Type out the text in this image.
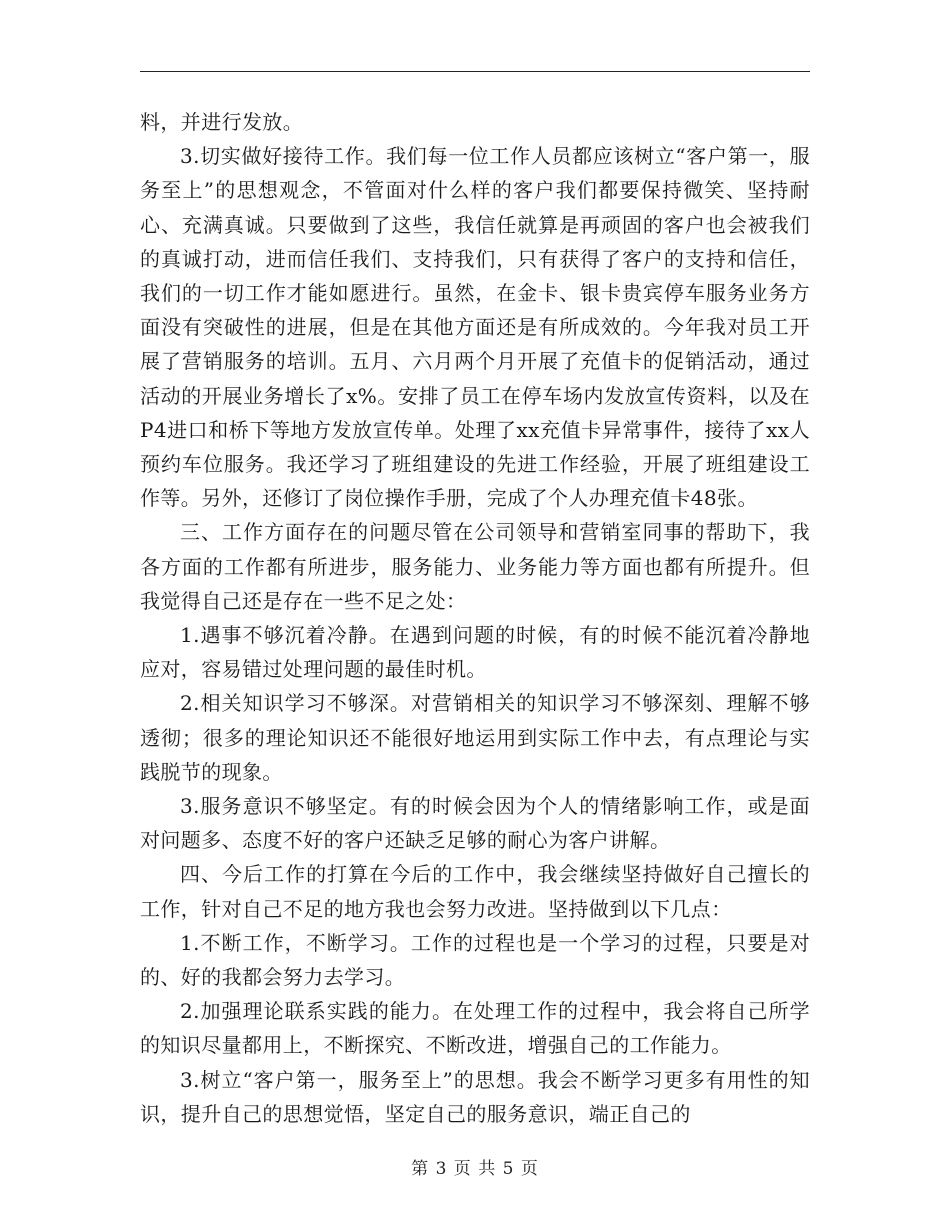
料，并进行发放。

3.切实做好接待工作。我们每一位工作人员都应该树立“客户第一，服务至上”的思想观念，不管面对什么样的客户我们都要保持微笑、坚持耐心、充满真诚。只要做到了这些，我信任就算是再顽固的客户也会被我们的真诚打动，进而信任我们、支持我们，只有获得了客户的支持和信任，我们的一切工作才能如愿进行。虽然，在金卡、银卡贵宾停车服务业务方面没有突破性的进展，但是在其他方面还是有所成效的。今年我对员工开展了营销服务的培训。五月、六月两个月开展了充值卡的促销活动，通过活动的开展业务增长了x%。安排了员工在停车场内发放宣传资料，以及在P4进口和桥下等地方发放宣传单。处理了xx充值卡异常事件，接待了xx人预约车位服务。我还学习了班组建设的先进工作经验，开展了班组建设工作等。另外，还修订了岗位操作手册，完成了个人办理充值卡48张。

三、工作方面存在的问题尽管在公司领导和营销室同事的帮助下，我各方面的工作都有所进步，服务能力、业务能力等方面也都有所提升。但我觉得自己还是存在一些不足之处：

1.遇事不够沉着冷静。在遇到问题的时候，有的时候不能沉着冷静地应对，容易错过处理问题的最佳时机。

2.相关知识学习不够深。对营销相关的知识学习不够深刻、理解不够透彻；很多的理论知识还不能很好地运用到实际工作中去，有点理论与实践脱节的现象。

3.服务意识不够坚定。有的时候会因为个人的情绪影响工作，或是面对问题多、态度不好的客户还缺乏足够的耐心为客户讲解。

四、今后工作的打算在今后的工作中，我会继续坚持做好自己擅长的工作，针对自己不足的地方我也会努力改进。坚持做到以下几点：

1.不断工作，不断学习。工作的过程也是一个学习的过程，只要是对的、好的我都会努力去学习。

2.加强理论联系实践的能力。在处理工作的过程中，我会将自己所学的知识尽量都用上，不断探究、不断改进，增强自己的工作能力。

3.树立“客户第一，服务至上”的思想。我会不断学习更多有用性的知识，提升自己的思想觉悟，坚定自己的服务意识，端正自己的

第 3 页 共 5 页
